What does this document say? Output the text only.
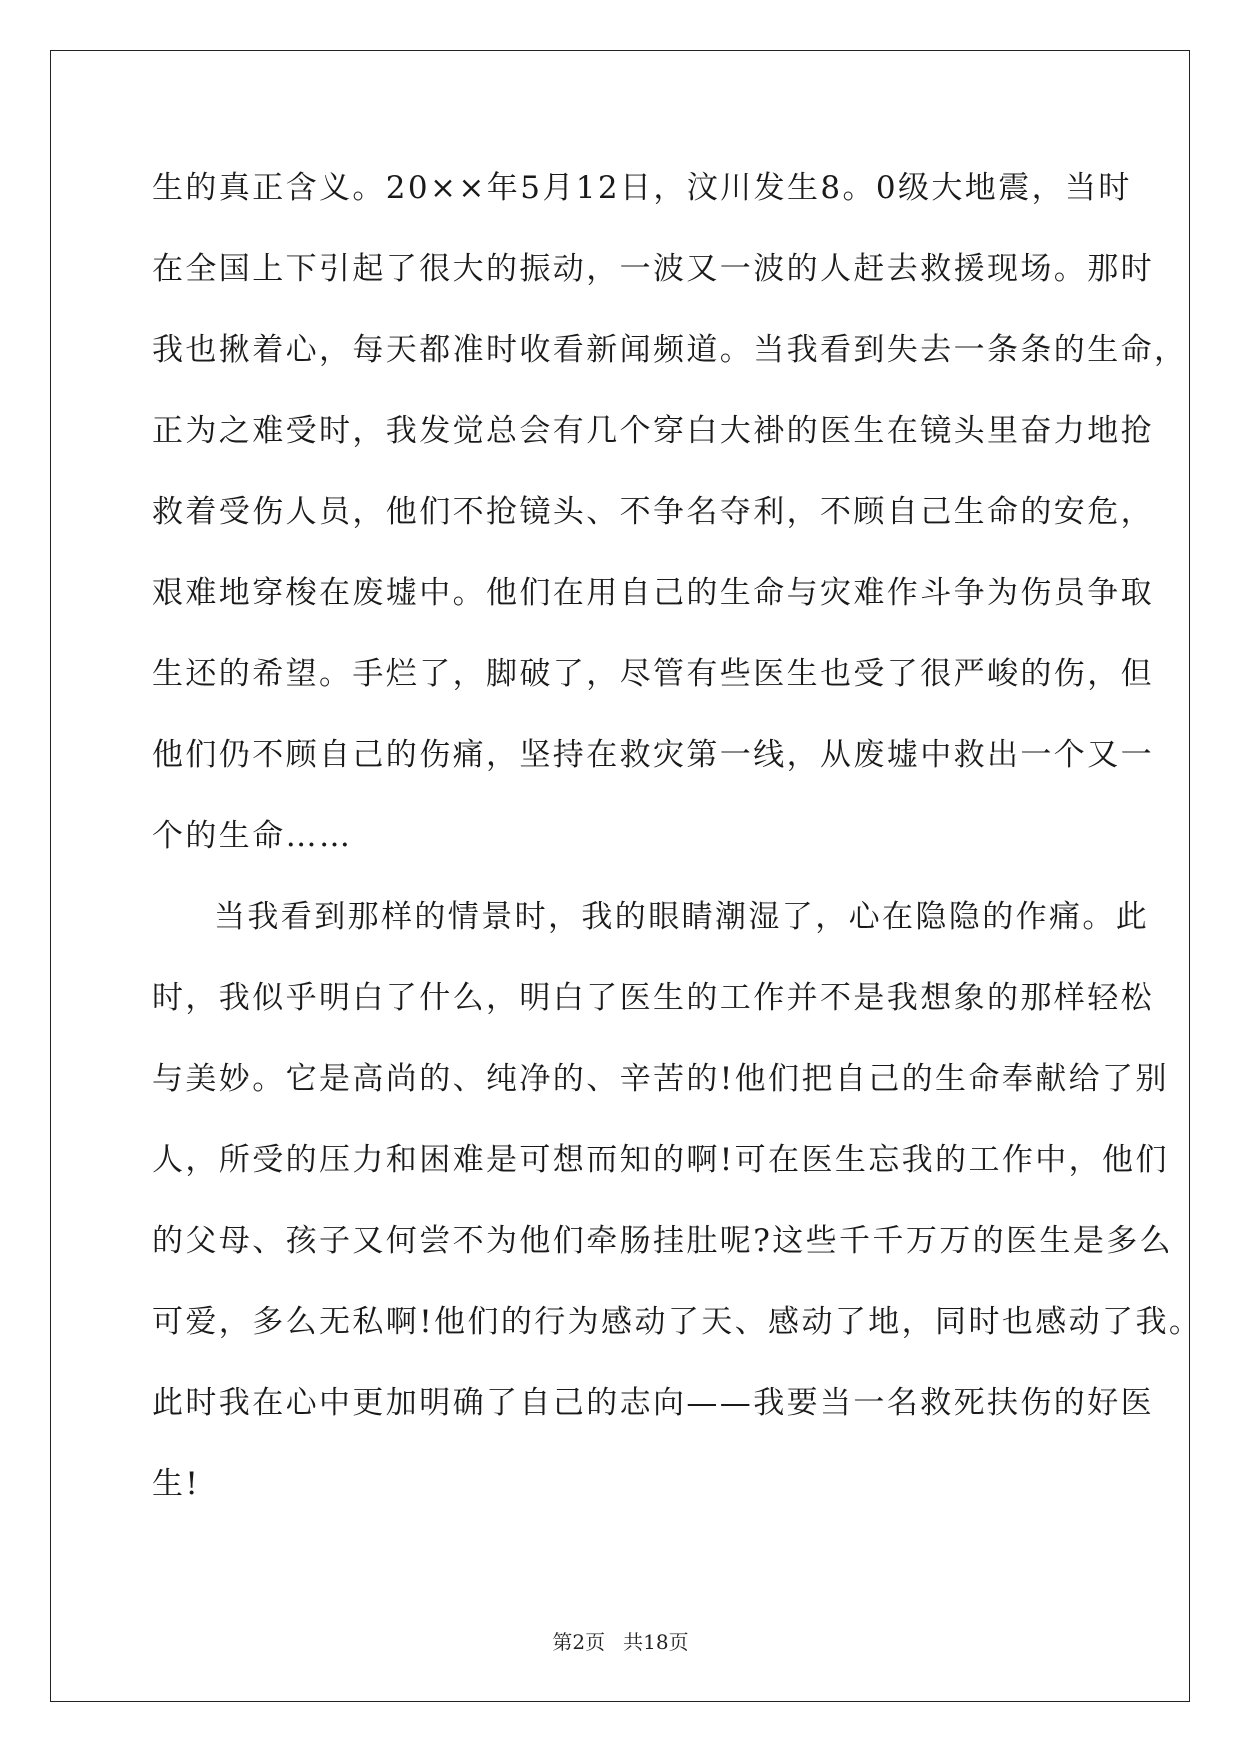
生的真正含义。20××年5月12日，汶川发生8。0级大地震，当时
在全国上下引起了很大的振动，一波又一波的人赶去救援现场。那时
我也揪着心，每天都准时收看新闻频道。当我看到失去一条条的生命，
正为之难受时，我发觉总会有几个穿白大褂的医生在镜头里奋力地抢
救着受伤人员，他们不抢镜头、不争名夺利，不顾自己生命的安危，
艰难地穿梭在废墟中。他们在用自己的生命与灾难作斗争为伤员争取
生还的希望。手烂了，脚破了，尽管有些医生也受了很严峻的伤，但
他们仍不顾自己的伤痛，坚持在救灾第一线，从废墟中救出一个又一
个的生命……
当我看到那样的情景时，我的眼睛潮湿了，心在隐隐的作痛。此
时，我似乎明白了什么，明白了医生的工作并不是我想象的那样轻松
与美妙。它是高尚的、纯净的、辛苦的!他们把自己的生命奉献给了别
人，所受的压力和困难是可想而知的啊!可在医生忘我的工作中，他们
的父母、孩子又何尝不为他们牵肠挂肚呢?这些千千万万的医生是多么
可爱，多么无私啊!他们的行为感动了天、感动了地，同时也感动了我。
此时我在心中更加明确了自己的志向——我要当一名救死扶伤的好医
生!
第2页 共18页
